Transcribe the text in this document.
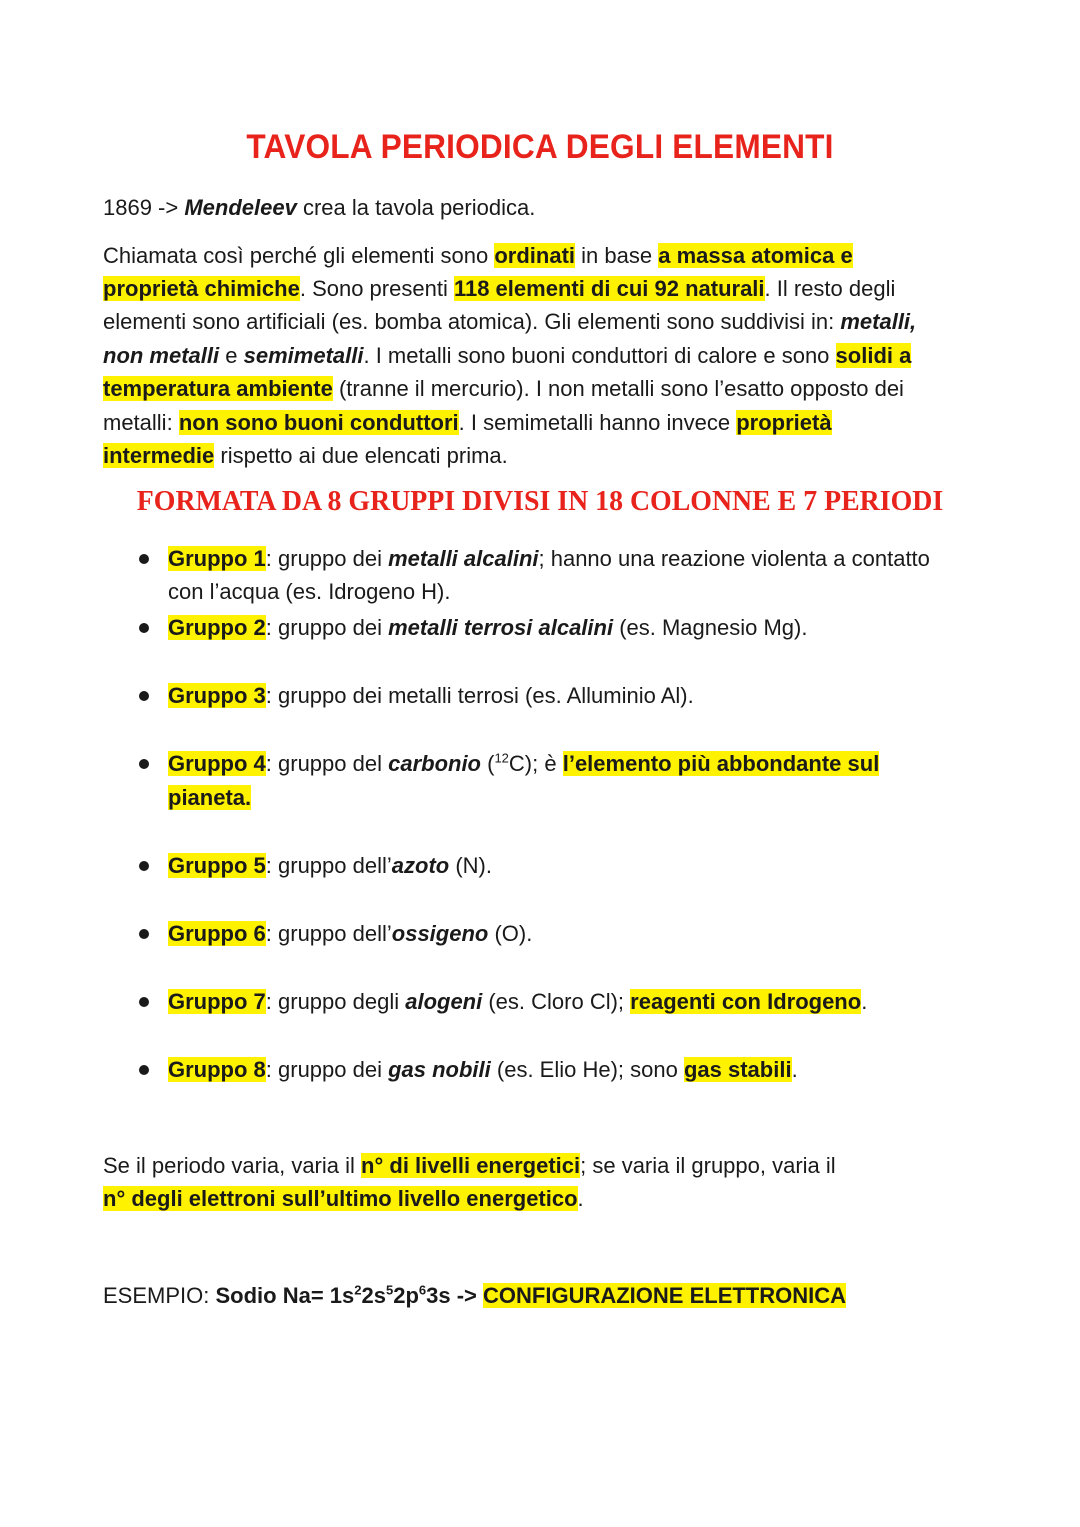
TAVOLA PERIODICA DEGLI ELEMENTI
1869 -> Mendeleev crea la tavola periodica.
Chiamata così perché gli elementi sono ordinati in base a massa atomica e
proprietà chimiche. Sono presenti 118 elementi di cui 92 naturali. Il resto degli
elementi sono artificiali (es. bomba atomica). Gli elementi sono suddivisi in: metalli,
non metalli e semimetalli. I metalli sono buoni conduttori di calore e sono solidi a
temperatura ambiente (tranne il mercurio). I non metalli sono l’esatto opposto dei
metalli: non sono buoni conduttori. I semimetalli hanno invece proprietà
intermedie rispetto ai due elencati prima.
FORMATA DA 8 GRUPPI DIVISI IN 18 COLONNE E 7 PERIODI
Gruppo 1: gruppo dei metalli alcalini; hanno una reazione violenta a contatto
con l’acqua (es. Idrogeno H).
Gruppo 2: gruppo dei metalli terrosi alcalini (es. Magnesio Mg).
Gruppo 3: gruppo dei metalli terrosi (es. Alluminio Al).
Gruppo 4: gruppo del carbonio ($^{12}$C); è l’elemento più abbondante sul
pianeta.
Gruppo 5: gruppo dell’azoto (N).
Gruppo 6: gruppo dell’ossigeno (O).
Gruppo 7: gruppo degli alogeni (es. Cloro Cl); reagenti con Idrogeno.
Gruppo 8: gruppo dei gas nobili (es. Elio He); sono gas stabili.
Se il periodo varia, varia il n° di livelli energetici; se varia il gruppo, varia il
n° degli elettroni sull’ultimo livello energetico.
ESEMPIO: Sodio $Na= 1s^22s^52p^63s$ -> CONFIGURAZIONE ELETTRONICA
